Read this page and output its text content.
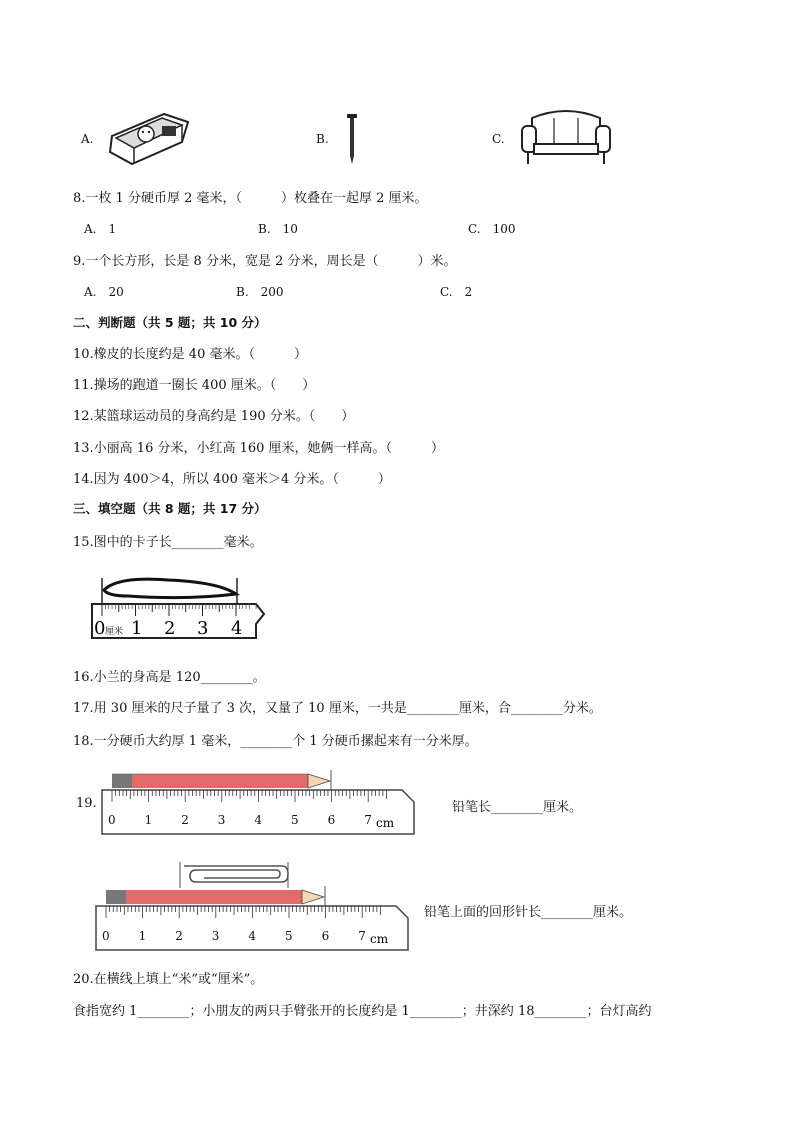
A.	B.	C.
8.一枚 1 分硬币厚 2 毫米，（　　　）枚叠在一起厚 2 厘米。
A.　1	B.　10	C.　100
9.一个长方形，长是 8 分米，宽是 2 分米，周长是（　　　）米。
A.　20	B.　200	C.　2
二、判断题（共 5 题；共 10 分）
10.橡皮的长度约是 40 毫米。（　　　）
11.操场的跑道一圈长 400 厘米。（　　）
12.某篮球运动员的身高约是 190 分米。（　　）
13.小丽高 16 分米，小红高 160 厘米，她俩一样高。（　　　）
14.因为 400＞4，所以 400 毫米＞4 分米。（　　　）
三、填空题（共 8 题；共 17 分）
15.图中的卡子长________毫米。
0 厘米 1 2 3 4
16.小兰的身高是 120________。
17.用 30 厘米的尺子量了 3 次，又量了 10 厘米，一共是________厘米，合________分米。
18.一分硬币大约厚 1 毫米，________个 1 分硬币摞起来有一分米厚。
19.
0 1 2 3 4 5 6 7 cm
铅笔长________厘米。
0 1 2 3 4 5 6 7 cm
铅笔上面的回形针长________厘米。
20.在横线上填上“米”或“厘米”。
食指宽约 1________；小朋友的两只手臂张开的长度约是 1________；井深约 18________；台灯高约
